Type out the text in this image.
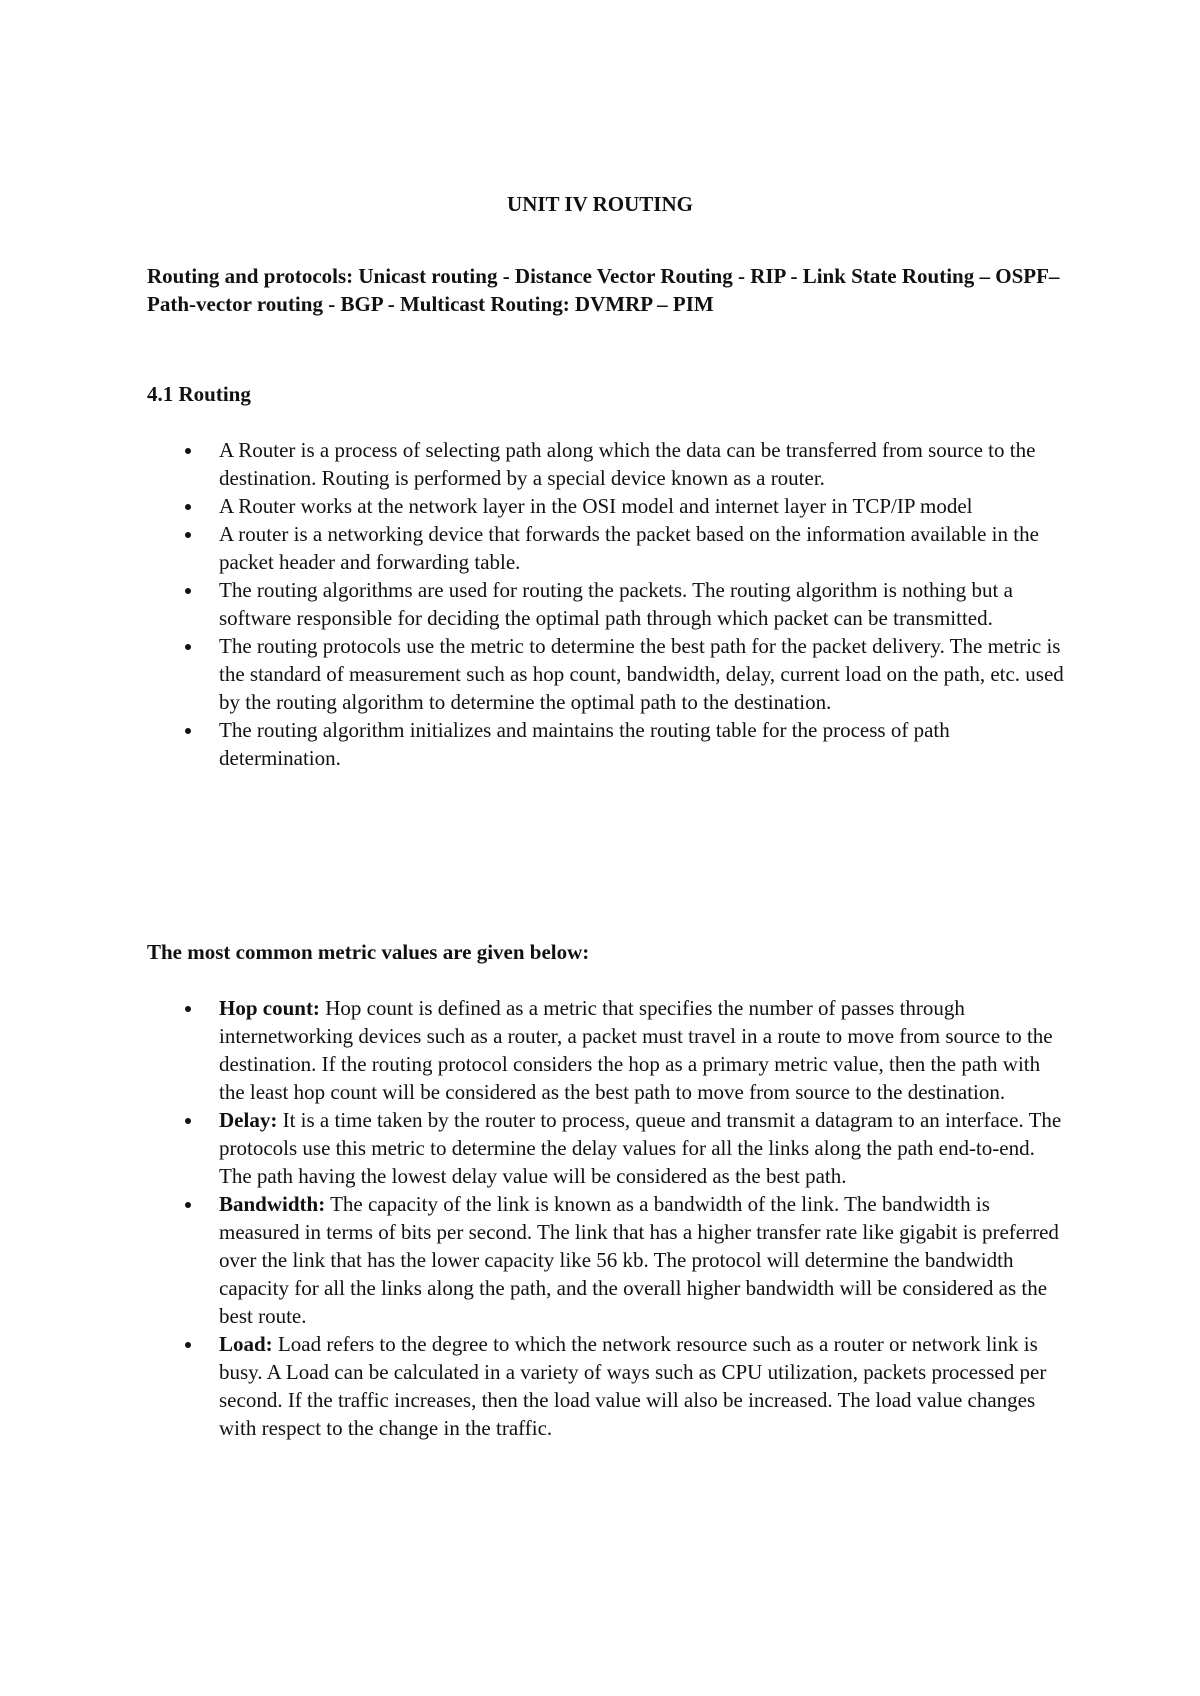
UNIT IV ROUTING
Routing and protocols: Unicast routing - Distance Vector Routing - RIP - Link State Routing – OSPF– Path-vector routing - BGP - Multicast Routing: DVMRP – PIM
4.1 Routing
A Router is a process of selecting path along which the data can be transferred from source to the destination. Routing is performed by a special device known as a router.
A Router works at the network layer in the OSI model and internet layer in TCP/IP model
A router is a networking device that forwards the packet based on the information available in the packet header and forwarding table.
The routing algorithms are used for routing the packets. The routing algorithm is nothing but a software responsible for deciding the optimal path through which packet can be transmitted.
The routing protocols use the metric to determine the best path for the packet delivery. The metric is the standard of measurement such as hop count, bandwidth, delay, current load on the path, etc. used by the routing algorithm to determine the optimal path to the destination.
The routing algorithm initializes and maintains the routing table for the process of path determination.
The most common metric values are given below:
Hop count: Hop count is defined as a metric that specifies the number of passes through internetworking devices such as a router, a packet must travel in a route to move from source to the destination. If the routing protocol considers the hop as a primary metric value, then the path with the least hop count will be considered as the best path to move from source to the destination.
Delay: It is a time taken by the router to process, queue and transmit a datagram to an interface. The protocols use this metric to determine the delay values for all the links along the path end-to-end. The path having the lowest delay value will be considered as the best path.
Bandwidth: The capacity of the link is known as a bandwidth of the link. The bandwidth is measured in terms of bits per second. The link that has a higher transfer rate like gigabit is preferred over the link that has the lower capacity like 56 kb. The protocol will determine the bandwidth capacity for all the links along the path, and the overall higher bandwidth will be considered as the best route.
Load: Load refers to the degree to which the network resource such as a router or network link is busy. A Load can be calculated in a variety of ways such as CPU utilization, packets processed per second. If the traffic increases, then the load value will also be increased. The load value changes with respect to the change in the traffic.
